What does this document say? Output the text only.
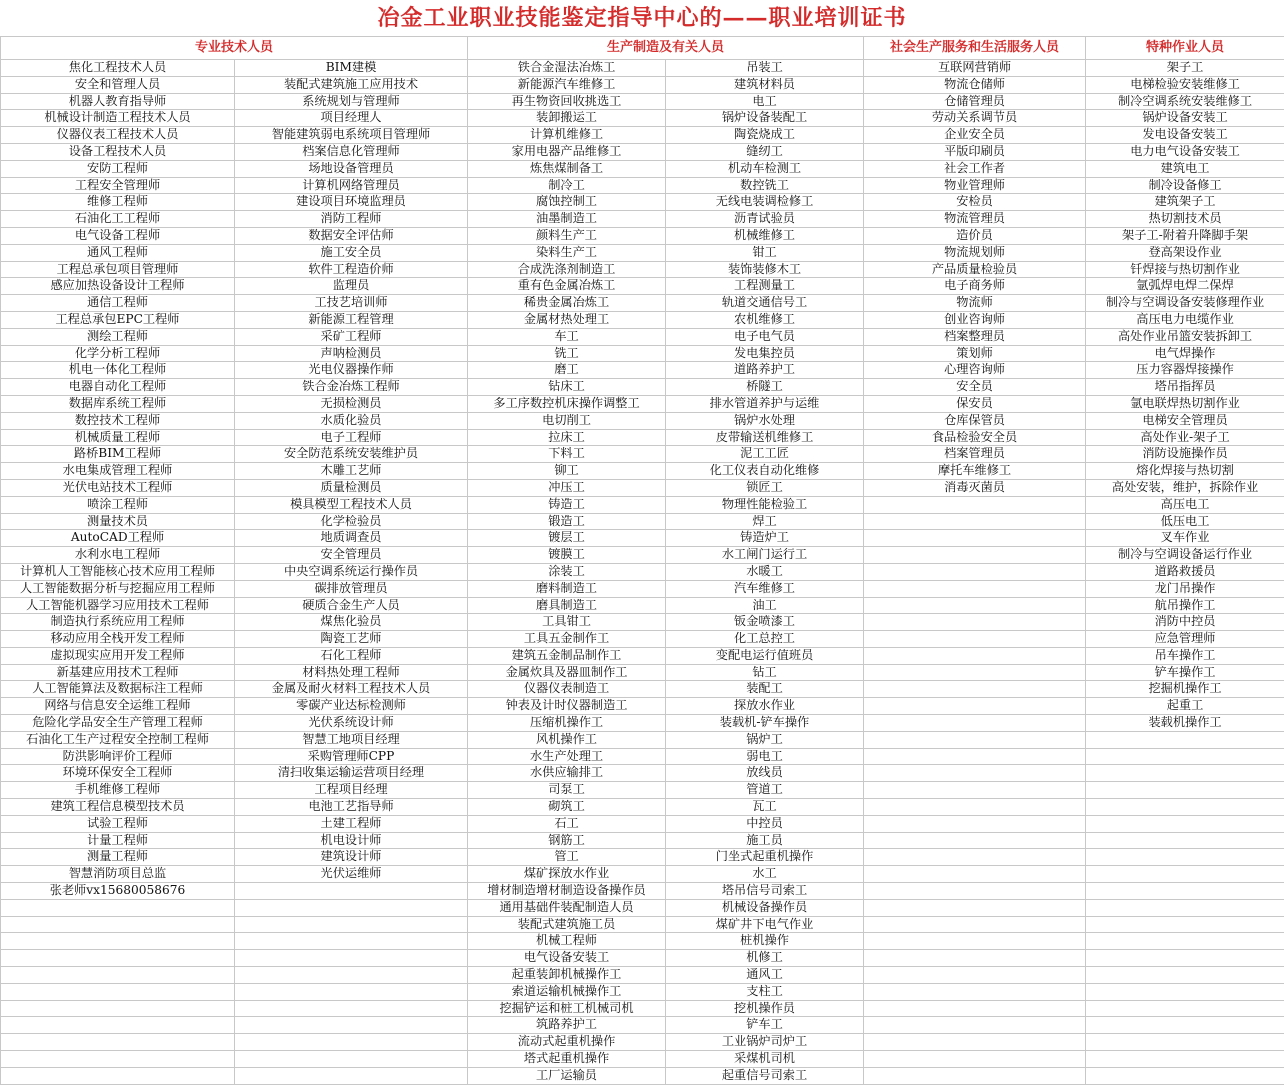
冶金工业职业技能鉴定指导中心的——职业培训证书
专业技术人员		生产制造及有关人员		社会生产服务和生活服务人员	特种作业人员
焦化工程技术人员	BIM建模	铁合金湿法冶炼工	吊装工	互联网营销师	架子工
安全和管理人员	装配式建筑施工应用技术	新能源汽车维修工	建筑材料员	物流仓储师	电梯检验安装维修工
机器人教育指导师	系统规划与管理师	再生物资回收挑选工	电工	仓储管理员	制冷空调系统安装维修工
机械设计制造工程技术人员	项目经理人	装卸搬运工	锅炉设备装配工	劳动关系调节员	锅炉设备安装工
仪器仪表工程技术人员	智能建筑弱电系统项目管理师	计算机维修工	陶瓷烧成工	企业安全员	发电设备安装工
设备工程技术人员	档案信息化管理师	家用电器产品维修工	缝纫工	平版印刷员	电力电气设备安装工
安防工程师	场地设备管理员	炼焦煤制备工	机动车检测工	社会工作者	建筑电工
工程安全管理师	计算机网络管理员	制冷工	数控铣工	物业管理师	制冷设备修工
维修工程师	建设项目环境监理员	腐蚀控制工	无线电装调检修工	安检员	建筑架子工
石油化工工程师	消防工程师	油墨制造工	沥青试验员	物流管理员	热切割技术员
电气设备工程师	数据安全评估师	颜料生产工	机械维修工	造价员	架子工-附着升降脚手架
通风工程师	施工安全员	染料生产工	钳工	物流规划师	登高架设作业
工程总承包项目管理师	软件工程造价师	合成洗涤剂制造工	装饰装修木工	产品质量检验员	钎焊接与热切割作业
感应加热设备设计工程师	监理员	重有色金属冶炼工	工程测量工	电子商务师	氩弧焊电焊二保焊
通信工程师	工技艺培训师	稀贵金属冶炼工	轨道交通信号工	物流师	制冷与空调设备安装修理作业
工程总承包EPC工程师	新能源工程管理	金属材热处理工	农机维修工	创业咨询师	高压电力电缆作业
测绘工程师	采矿工程师	车工	电子电气员	档案整理员	高处作业吊篮安装拆卸工
化学分析工程师	声呐检测员	铣工	发电集控员	策划师	电气焊操作
机电一体化工程师	光电仪器操作师	磨工	道路养护工	心理咨询师	压力容器焊接操作
电器自动化工程师	铁合金冶炼工程师	钻床工	桥隧工	安全员	塔吊指挥员
数据库系统工程师	无损检测员	多工序数控机床操作调整工	排水管道养护与运维	保安员	氩电联焊热切割作业
数控技术工程师	水质化验员	电切削工	锅炉水处理	仓库保管员	电梯安全管理员
机械质量工程师	电子工程师	拉床工	皮带输送机维修工	食品检验安全员	高处作业-架子工
路桥BIM工程师	安全防范系统安装维护员	下料工	泥工工匠	档案管理员	消防设施操作员
水电集成管理工程师	木雕工艺师	铆工	化工仪表自动化维修	摩托车维修工	熔化焊接与热切割
光伏电站技术工程师	质量检测员	冲压工	锁匠工	消毒灭菌员	高处安装，维护，拆除作业
喷涂工程师	模具模型工程技术人员	铸造工	物理性能检验工		高压电工
测量技术员	化学检验员	锻造工	焊工		低压电工
AutoCAD工程师	地质调查员	镀层工	铸造炉工		叉车作业
水利水电工程师	安全管理员	镀膜工	水工闸门运行工		制冷与空调设备运行作业
计算机人工智能核心技术应用工程师	中央空调系统运行操作员	涂装工	水暖工		道路救援员
人工智能数据分析与挖掘应用工程师	碳排放管理员	磨料制造工	汽车维修工		龙门吊操作
人工智能机器学习应用技术工程师	硬质合金生产人员	磨具制造工	油工		航吊操作工
制造执行系统应用工程师	煤焦化验员	工具钳工	钣金喷漆工		消防中控员
移动应用全栈开发工程师	陶瓷工艺师	工具五金制作工	化工总控工		应急管理师
虚拟现实应用开发工程师	石化工程师	建筑五金制品制作工	变配电运行值班员		吊车操作工
新基建应用技术工程师	材料热处理工程师	金属炊具及器皿制作工	钻工		铲车操作工
人工智能算法及数据标注工程师	金属及耐火材料工程技术人员	仪器仪表制造工	装配工		挖掘机操作工
网络与信息安全运维工程师	零碳产业达标检测师	钟表及计时仪器制造工	探放水作业		起重工
危险化学品安全生产管理工程师	光伏系统设计师	压缩机操作工	装载机-铲车操作		装载机操作工
石油化工生产过程安全控制工程师	智慧工地项目经理	风机操作工	锅炉工		
防洪影响评价工程师	采购管理师CPP	水生产处理工	弱电工		
环境环保安全工程师	清扫收集运输运营项目经理	水供应输排工	放线员		
手机维修工程师	工程项目经理	司泵工	管道工		
建筑工程信息模型技术员	电池工艺指导师	砌筑工	瓦工		
试验工程师	土建工程师	石工	中控员		
计量工程师	机电设计师	钢筋工	施工员		
测量工程师	建筑设计师	管工	门坐式起重机操作		
智慧消防项目总监	光伏运维师	煤矿探放水作业	水工		
张老师vx15680058676		增材制造增材制造设备操作员	塔吊信号司索工		
		通用基础件装配制造人员	机械设备操作员		
		装配式建筑施工员	煤矿井下电气作业		
		机械工程师	桩机操作		
		电气设备安装工	机修工		
		起重装卸机械操作工	通风工		
		索道运输机械操作工	支柱工		
		挖掘铲运和桩工机械司机	挖机操作员		
		筑路养护工	铲车工		
		流动式起重机操作	工业锅炉司炉工		
		塔式起重机操作	采煤机司机		
		工厂运输员	起重信号司索工		
